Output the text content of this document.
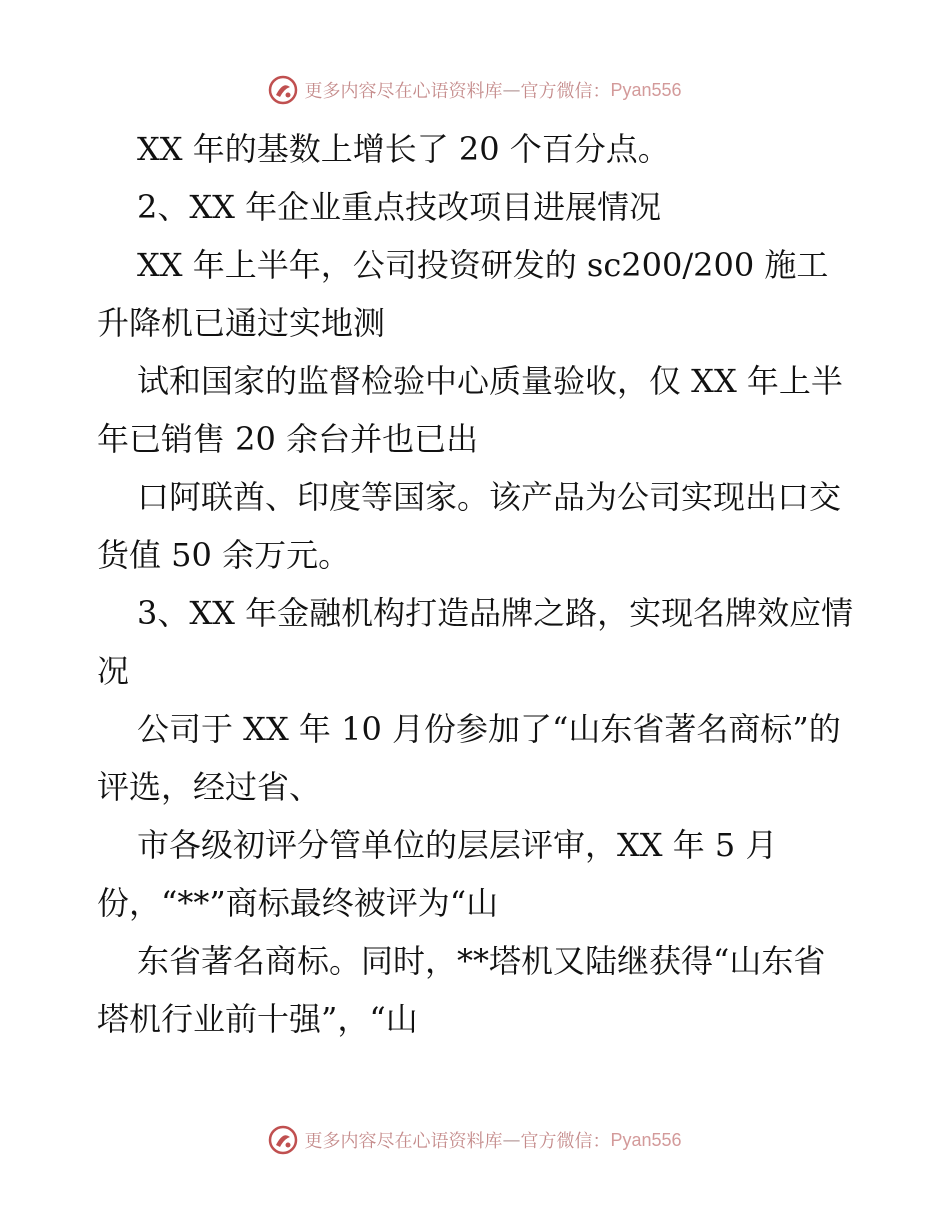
更多内容尽在心语资料库 — 官方微信： Pyan556

XX 年的基数上增长了 20 个百分点。

2、XX 年企业重点技改项目进展情况

XX 年上半年，公司投资研发的 sc200/200 施工升降机已通过实地测

试和国家的监督检验中心质量验收，仅 XX 年上半年已销售 20 余台并也已出

口阿联酋、印度等国家。该产品为公司实现出口交货值 50 余万元。

3、XX 年金融机构打造品牌之路，实现名牌效应情况

公司于 XX 年 10 月份参加了“山东省著名商标”的评选，经过省、

市各级初评分管单位的层层评审，XX 年 5 月份，“**”商标最终被评为“山

东省著名商标。同时，**塔机又陆继获得“山东省塔机行业前十强”，“山

更多内容尽在心语资料库 — 官方微信： Pyan556
